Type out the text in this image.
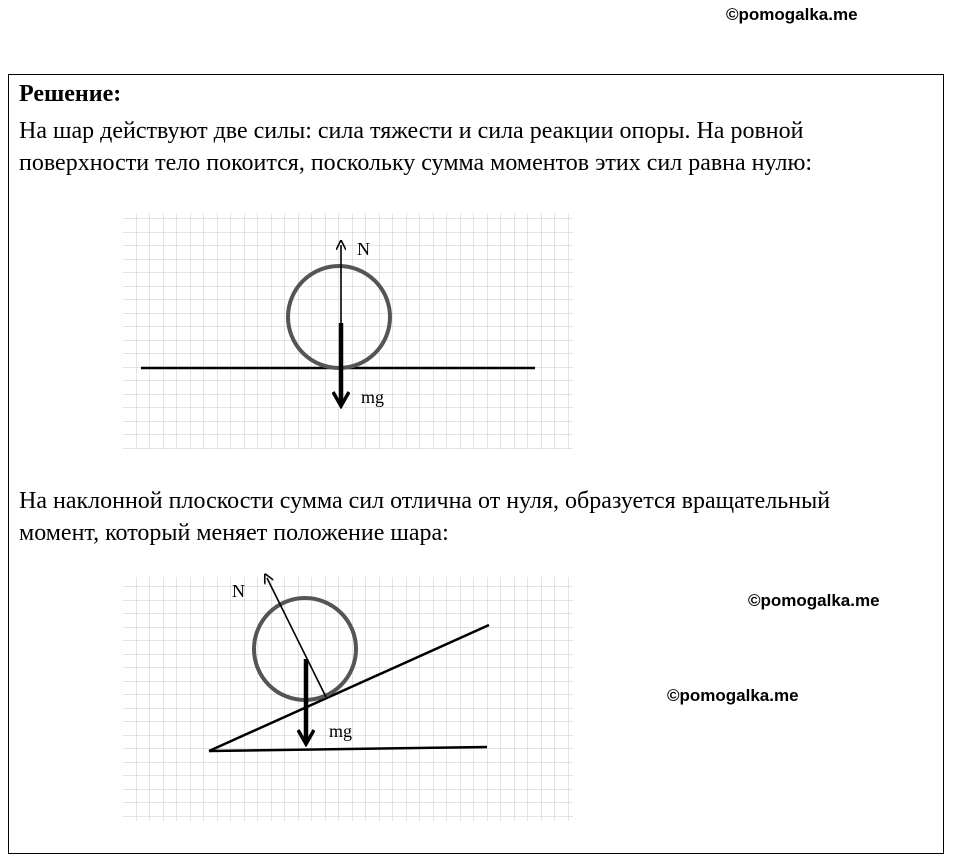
©pomogalka.me
Решение:

На шар действуют две силы: сила тяжести и сила реакции опоры. На ровной
поверхности тело покоится, поскольку сумма моментов этих сил равна нулю:

N
mg

На наклонной плоскости сумма сил отлична от нуля, образуется вращательный
момент, который меняет положение шара:

N
mg
©pomogalka.me
©pomogalka.me
